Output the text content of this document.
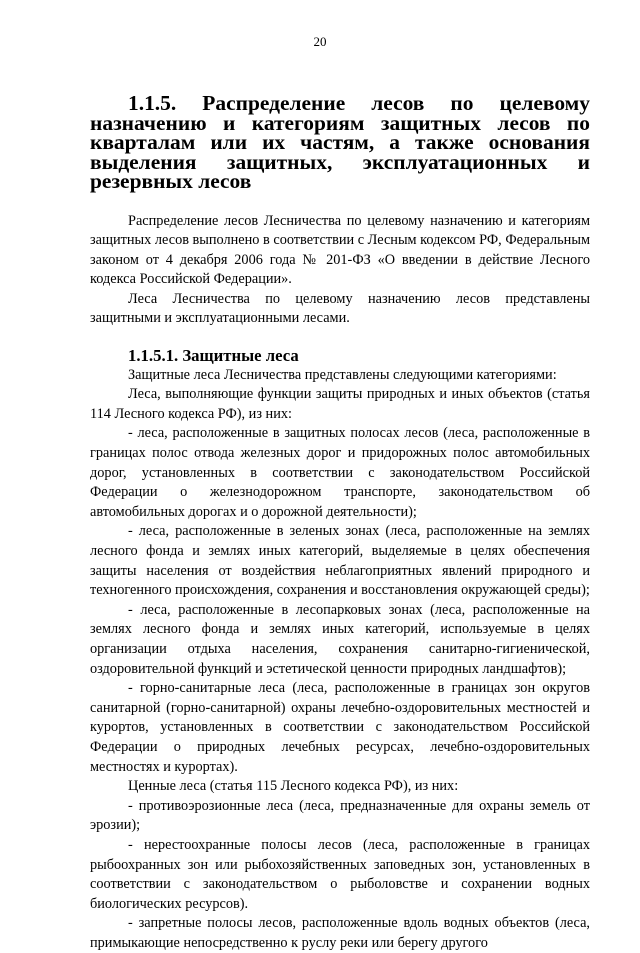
20
1.1.5. Распределение лесов по целевому назначению и категориям защитных лесов по кварталам или их частям, а также основания выделения защитных, эксплуатационных и резервных лесов

Распределение лесов Лесничества по целевому назначению и категориям защитных лесов выполнено в соответствии с Лесным кодексом РФ, Федеральным законом от 4 декабря 2006 года № 201-ФЗ «О введении в действие Лесного кодекса Российской Федерации».

Леса Лесничества по целевому назначению лесов представлены защитными и эксплуатационными лесами.

1.1.5.1. Защитные леса

Защитные леса Лесничества представлены следующими категориями:

Леса, выполняющие функции защиты природных и иных объектов (статья 114 Лесного кодекса РФ), из них:

- леса, расположенные в защитных полосах лесов (леса, расположенные в границах полос отвода железных дорог и придорожных полос автомобильных дорог, установленных в соответствии с законодательством Российской Федерации о железнодорожном транспорте, законодательством об автомобильных дорогах и о дорожной деятельности);

- леса, расположенные в зеленых зонах (леса, расположенные на землях лесного фонда и землях иных категорий, выделяемые в целях обеспечения защиты населения от воздействия неблагоприятных явлений природного и техногенного происхождения, сохранения и восстановления окружающей среды);

- леса, расположенные в лесопарковых зонах (леса, расположенные на землях лесного фонда и землях иных категорий, используемые в целях организации отдыха населения, сохранения санитарно-гигиенической, оздоровительной функций и эстетической ценности природных ландшафтов);

- горно-санитарные леса (леса, расположенные в границах зон округов санитарной (горно-санитарной) охраны лечебно-оздоровительных местностей и курортов, установленных в соответствии с законодательством Российской Федерации о природных лечебных ресурсах, лечебно-оздоровительных местностях и курортах).

Ценные леса (статья 115 Лесного кодекса РФ), из них:

- противоэрозионные леса (леса, предназначенные для охраны земель от эрозии);

- нерестоохранные полосы лесов (леса, расположенные в границах рыбоохранных зон или рыбохозяйственных заповедных зон, установленных в соответствии с законодательством о рыболовстве и сохранении водных биологических ресурсов).

- запретные полосы лесов, расположенные вдоль водных объектов (леса, примыкающие непосредственно к руслу реки или берегу другого
